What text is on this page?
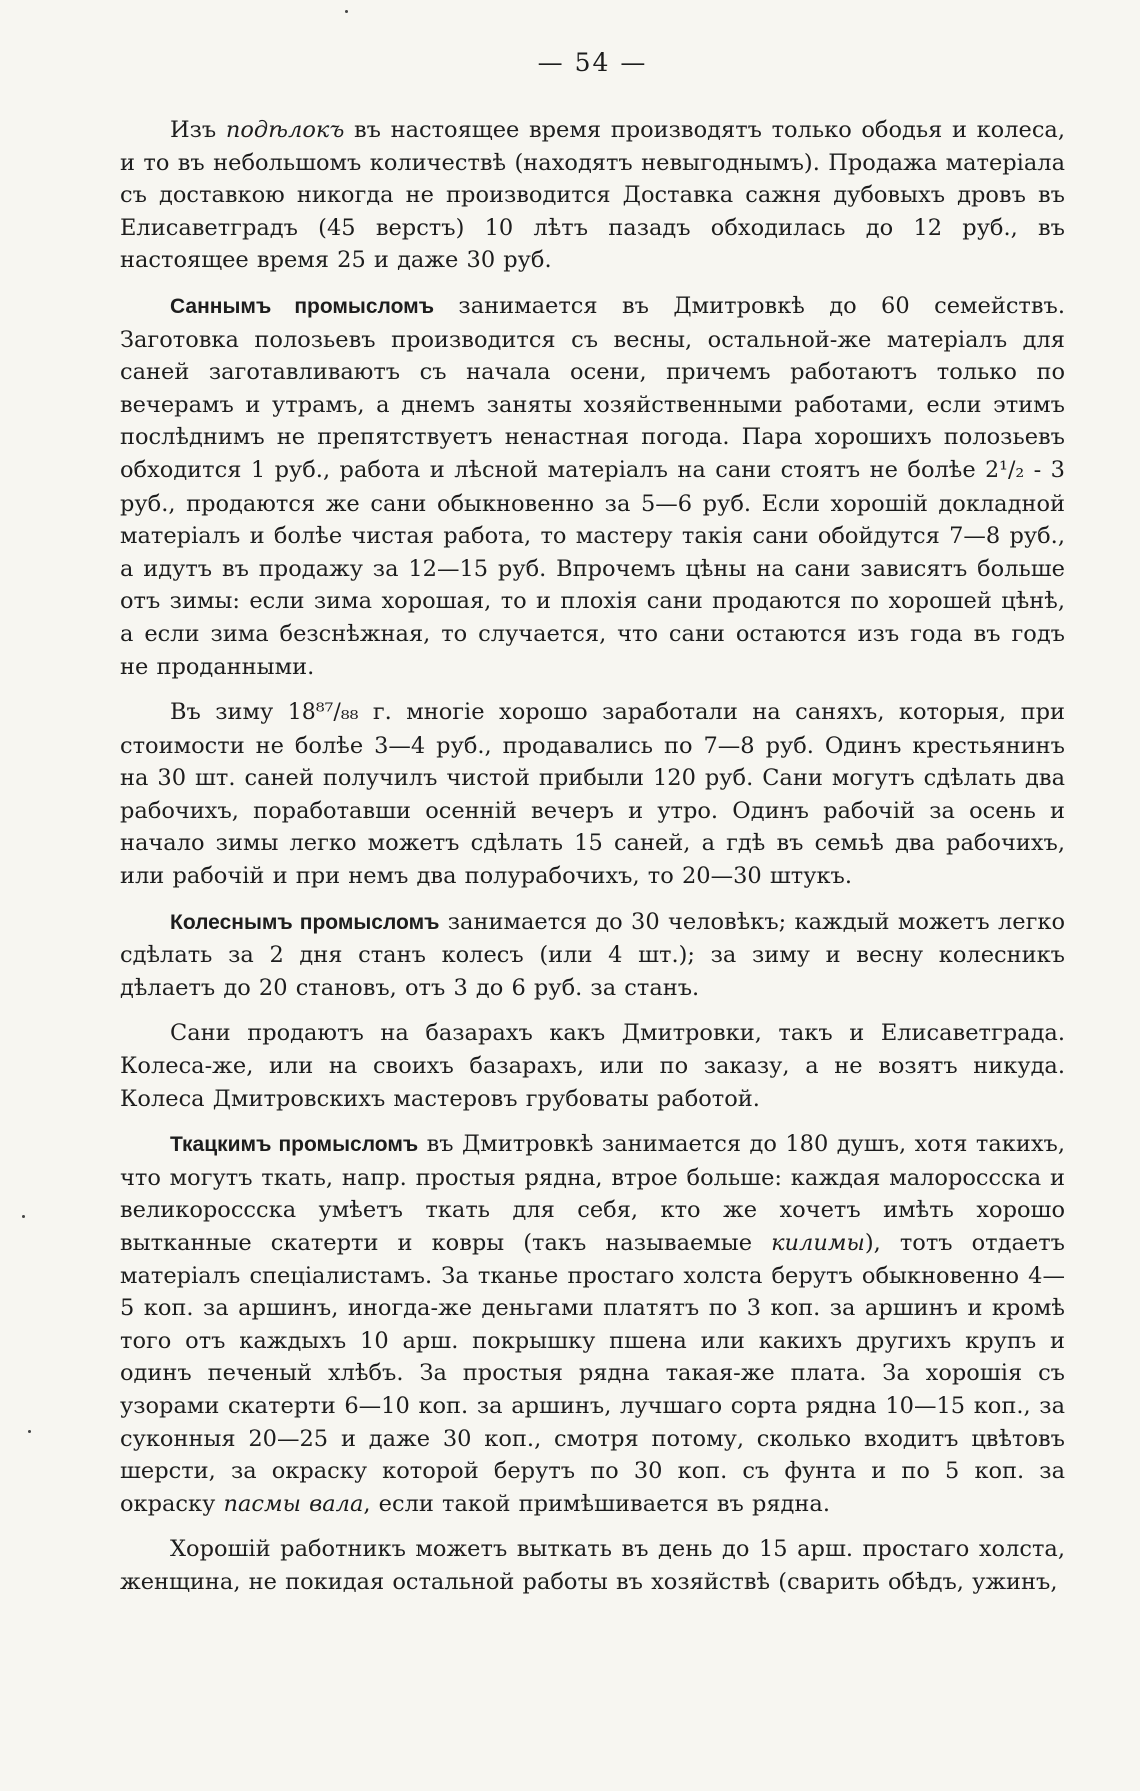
— 54 —

Изъ подѣлокъ въ настоящее время производятъ только ободья и колеса, и то въ небольшомъ количествѣ (находятъ невыгоднымъ). Продажа матеріала съ доставкою никогда не производится Доставка сажня дубовыхъ дровъ въ Елисаветградъ (45 верстъ) 10 лѣтъ пазадъ обходилась до 12 руб., въ настоящее время 25 и даже 30 руб.

Саннымъ промысломъ занимается въ Дмитровкѣ до 60 семействъ. Заготовка полозьевъ производится съ весны, остальной-же матеріалъ для саней заготавливаютъ съ начала осени, причемъ работаютъ только по вечерамъ и утрамъ, а днемъ заняты хозяйственными работами, если этимъ послѣднимъ не препятствуетъ ненастная погода. Пара хорошихъ полозьевъ обходится 1 руб., работа и лѣсной матеріалъ на сани стоятъ не болѣе 2¹/₂ - 3 руб., продаются же сани обыкновенно за 5—6 руб. Если хорошій докладной матеріалъ и болѣе чистая работа, то мастеру такія сани обойдутся 7—8 руб., а идутъ въ продажу за 12—15 руб. Впрочемъ цѣны на сани зависятъ больше отъ зимы: если зима хорошая, то и плохія сани продаются по хорошей цѣнѣ, а если зима безснѣжная, то случается, что сани остаются изъ года въ годъ не проданными.

Въ зиму 18⁸⁷/₈₈ г. многіе хорошо заработали на саняхъ, которыя, при стоимости не болѣе 3—4 руб., продавались по 7—8 руб. Одинъ крестьянинъ на 30 шт. саней получилъ чистой прибыли 120 руб. Сани могутъ сдѣлать два рабочихъ, поработавши осенній вечеръ и утро. Одинъ рабочій за осень и начало зимы легко можетъ сдѣлать 15 саней, а гдѣ въ семьѣ два рабочихъ, или рабочій и при немъ два полурабочихъ, то 20—30 штукъ.

Колеснымъ промысломъ занимается до 30 человѣкъ; каждый можетъ легко сдѣлать за 2 дня станъ колесъ (или 4 шт.); за зиму и весну колесникъ дѣлаетъ до 20 становъ, отъ 3 до 6 руб. за станъ.

Сани продаютъ на базарахъ какъ Дмитровки, такъ и Елисаветграда. Колеса-же, или на своихъ базарахъ, или по заказу, а не возятъ никуда. Колеса Дмитровскихъ мастеровъ грубоваты работой.

Ткацкимъ промысломъ въ Дмитровкѣ занимается до 180 душъ, хотя такихъ, что могутъ ткать, напр. простыя рядна, втрое больше: каждая малороссска и великороссска умѣетъ ткать для себя, кто же хочетъ имѣть хорошо вытканные скатерти и ковры (такъ называемые килимы), тотъ отдаетъ матеріалъ спеціалистамъ. За тканье простаго холста берутъ обыкновенно 4—5 коп. за аршинъ, иногда-же деньгами платятъ по 3 коп. за аршинъ и кромѣ того отъ каждыхъ 10 арш. покрышку пшена или какихъ другихъ крупъ и одинъ печеный хлѣбъ. За простыя рядна такая-же плата. За хорошія съ узорами скатерти 6—10 коп. за аршинъ, лучшаго сорта рядна 10—15 коп., за суконныя 20—25 и даже 30 коп., смотря потому, сколько входитъ цвѣтовъ шерсти, за окраску которой берутъ по 30 коп. съ фунта и по 5 коп. за окраску пасмы вала, если такой примѣшивается въ рядна.

Хорошій работникъ можетъ выткать въ день до 15 арш. простаго холста, женщина, не покидая остальной работы въ хозяйствѣ (сварить обѣдъ, ужинъ,
